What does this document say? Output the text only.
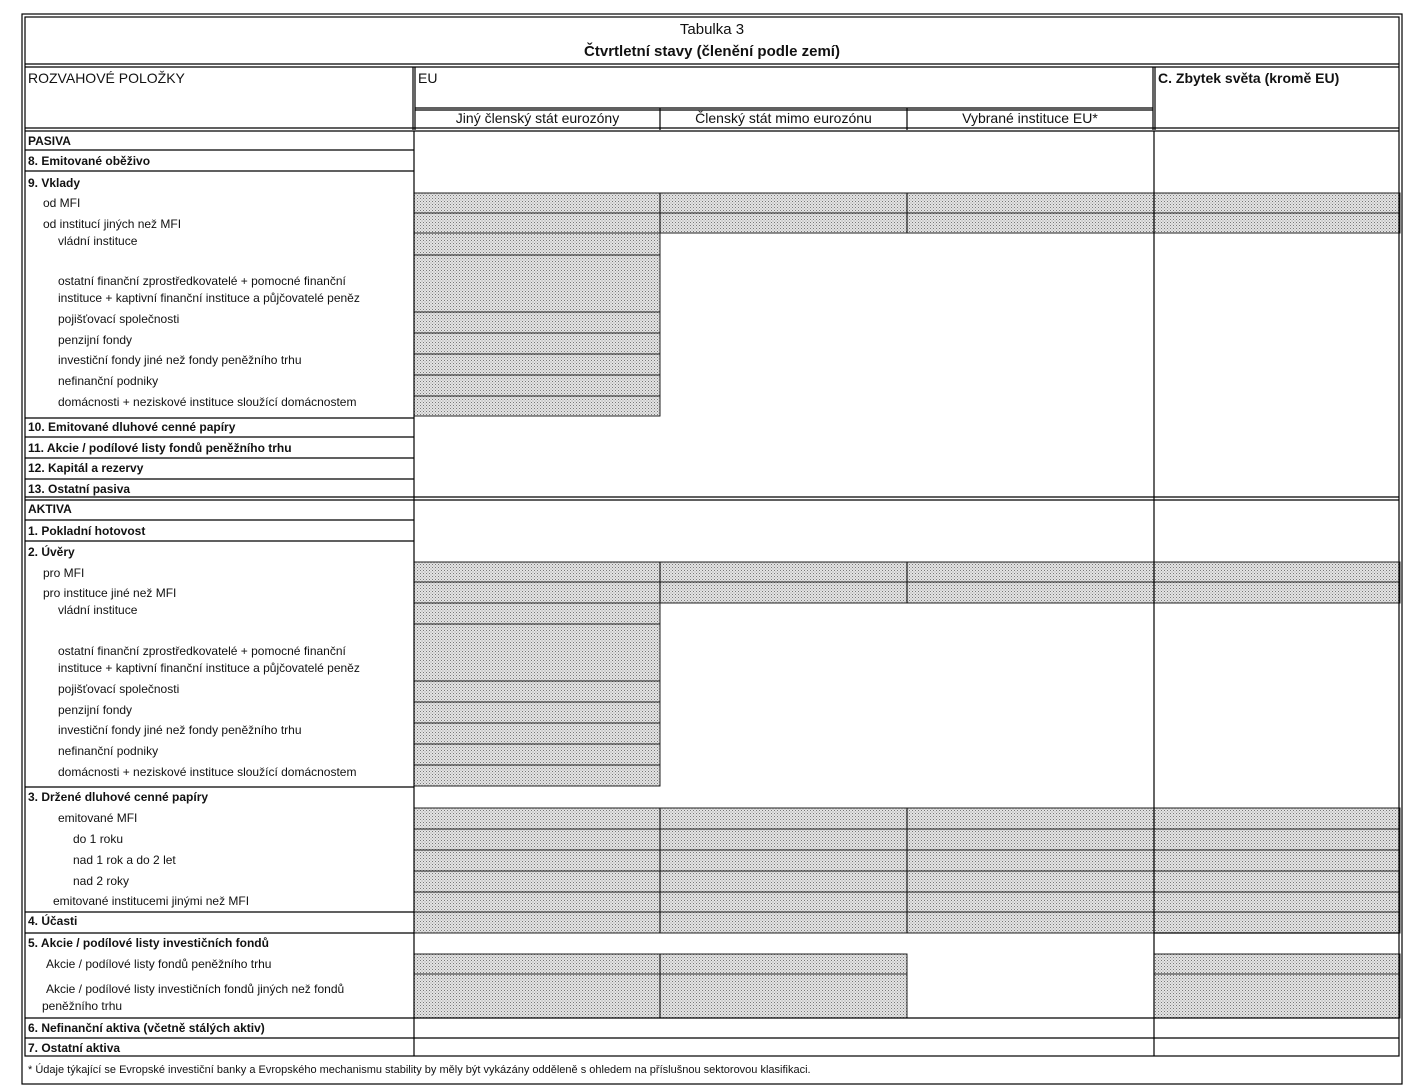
Tabulka 3
Čtvrtletní stavy (členění podle zemí)
ROZVAHOVÉ POLOŽKY	EU	C. Zbytek světa (kromě EU)
Jiný členský stát eurozóny	Členský stát mimo eurozónu	Vybrané instituce EU*
PASIVA
8. Emitované oběživo
9. Vklady
od MFI
od institucí jiných než MFI
vládní instituce
ostatní finanční zprostředkovatelé + pomocné finanční
instituce + kaptivní finanční instituce a půjčovatelé peněz
pojišťovací společnosti
penzijní fondy
investiční fondy jiné než fondy peněžního trhu
nefinanční podniky
domácnosti + neziskové instituce sloužící domácnostem
10. Emitované dluhové cenné papíry
11. Akcie / podílové listy fondů peněžního trhu
12. Kapitál a rezervy
13. Ostatní pasiva
AKTIVA
1. Pokladní hotovost
2. Úvěry
pro MFI
pro instituce jiné než MFI
vládní instituce
ostatní finanční zprostředkovatelé + pomocné finanční
instituce + kaptivní finanční instituce a půjčovatelé peněz
pojišťovací společnosti
penzijní fondy
investiční fondy jiné než fondy peněžního trhu
nefinanční podniky
domácnosti + neziskové instituce sloužící domácnostem
3. Držené dluhové cenné papíry
emitované MFI
do 1 roku
nad 1 rok a do 2 let
nad 2 roky
emitované institucemi jinými než MFI
4. Účasti
5. Akcie / podílové listy investičních fondů
Akcie / podílové listy fondů peněžního trhu
Akcie / podílové listy investičních fondů jiných než fondů
peněžního trhu
6. Nefinanční aktiva (včetně stálých aktiv)
7. Ostatní aktiva
* Údaje týkající se Evropské investiční banky a Evropského mechanismu stability by měly být vykázány odděleně s ohledem na příslušnou sektorovou klasifikaci.
